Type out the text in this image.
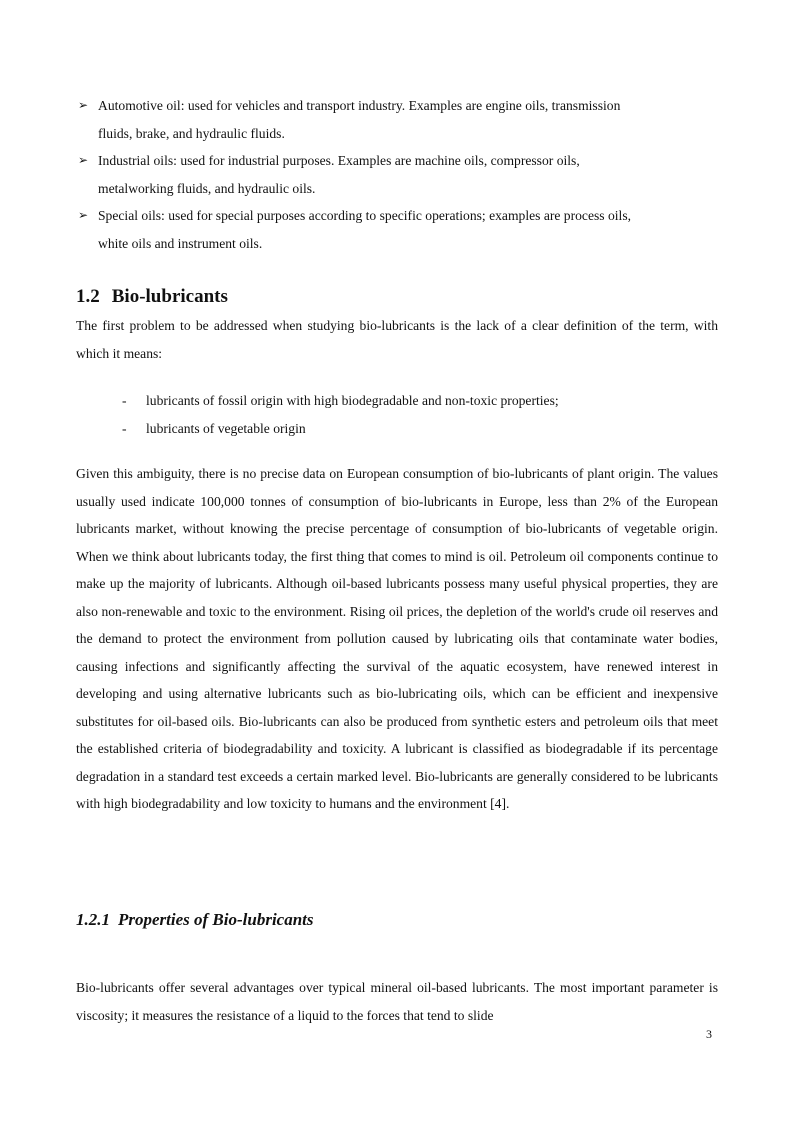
➢ Automotive oil: used for vehicles and transport industry. Examples are engine oils, transmission fluids, brake, and hydraulic fluids.
➢ Industrial oils: used for industrial purposes. Examples are machine oils, compressor oils, metalworking fluids, and hydraulic oils.
➢ Special oils: used for special purposes according to specific operations; examples are process oils, white oils and instrument oils.
1.2 Bio-lubricants

The first problem to be addressed when studying bio-lubricants is the lack of a clear definition of the term, with which it means:

- lubricants of fossil origin with high biodegradable and non-toxic properties;
- lubricants of vegetable origin

Given this ambiguity, there is no precise data on European consumption of bio-lubricants of plant origin. The values usually used indicate 100,000 tonnes of consumption of bio-lubricants in Europe, less than 2% of the European lubricants market, without knowing the precise percentage of consumption of bio-lubricants of vegetable origin. When we think about lubricants today, the first thing that comes to mind is oil. Petroleum oil components continue to make up the majority of lubricants. Although oil-based lubricants possess many useful physical properties, they are also non-renewable and toxic to the environment. Rising oil prices, the depletion of the world's crude oil reserves and the demand to protect the environment from pollution caused by lubricating oils that contaminate water bodies, causing infections and significantly affecting the survival of the aquatic ecosystem, have renewed interest in developing and using alternative lubricants such as bio-lubricating oils, which can be efficient and inexpensive substitutes for oil-based oils. Bio-lubricants can also be produced from synthetic esters and petroleum oils that meet the established criteria of biodegradability and toxicity. A lubricant is classified as biodegradable if its percentage degradation in a standard test exceeds a certain marked level. Bio-lubricants are generally considered to be lubricants with high biodegradability and low toxicity to humans and the environment [4].

1.2.1 Properties of Bio-lubricants

Bio-lubricants offer several advantages over typical mineral oil-based lubricants. The most important parameter is viscosity; it measures the resistance of a liquid to the forces that tend to slide

3
